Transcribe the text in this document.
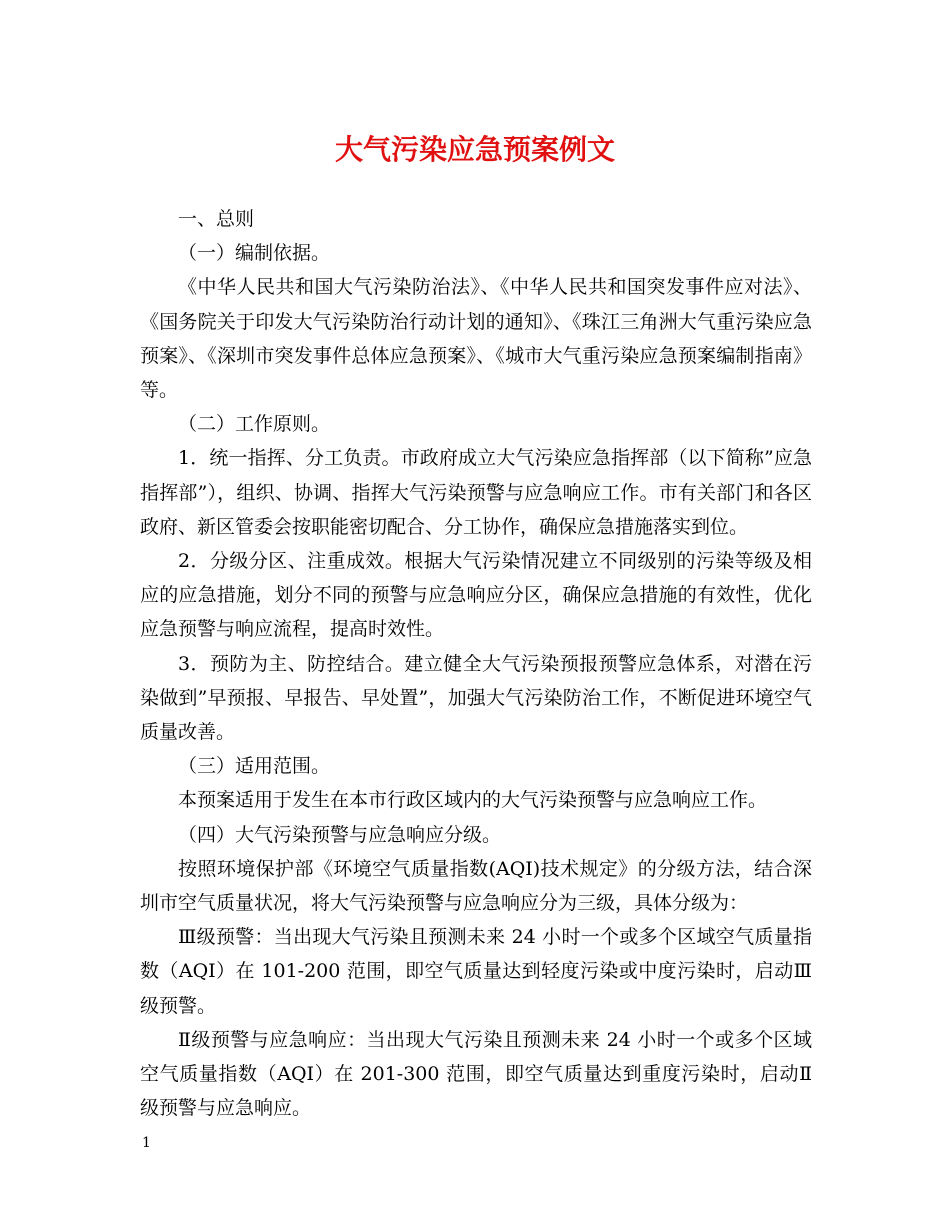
大气污染应急预案例文

一、总则

（一）编制依据。

《中华人民共和国大气污染防治法》、《中华人民共和国突发事件应对法》、《国务院关于印发大气污染防治行动计划的通知》、《珠江三角洲大气重污染应急预案》、《深圳市突发事件总体应急预案》、《城市大气重污染应急预案编制指南》等。

（二）工作原则。

1．统一指挥、分工负责。市政府成立大气污染应急指挥部（以下简称”应急指挥部”），组织、协调、指挥大气污染预警与应急响应工作。市有关部门和各区政府、新区管委会按职能密切配合、分工协作，确保应急措施落实到位。

2．分级分区、注重成效。根据大气污染情况建立不同级别的污染等级及相应的应急措施，划分不同的预警与应急响应分区，确保应急措施的有效性，优化应急预警与响应流程，提高时效性。

3．预防为主、防控结合。建立健全大气污染预报预警应急体系，对潜在污染做到”早预报、早报告、早处置”，加强大气污染防治工作，不断促进环境空气质量改善。

（三）适用范围。

本预案适用于发生在本市行政区域内的大气污染预警与应急响应工作。

（四）大气污染预警与应急响应分级。

按照环境保护部《环境空气质量指数(AQI)技术规定》的分级方法，结合深圳市空气质量状况，将大气污染预警与应急响应分为三级，具体分级为：

Ⅲ级预警：当出现大气污染且预测未来 24 小时一个或多个区域空气质量指数（AQI）在 101-200 范围，即空气质量达到轻度污染或中度污染时，启动Ⅲ级预警。

Ⅱ级预警与应急响应：当出现大气污染且预测未来 24 小时一个或多个区域空气质量指数（AQI）在 201-300 范围，即空气质量达到重度污染时，启动Ⅱ级预警与应急响应。

1
